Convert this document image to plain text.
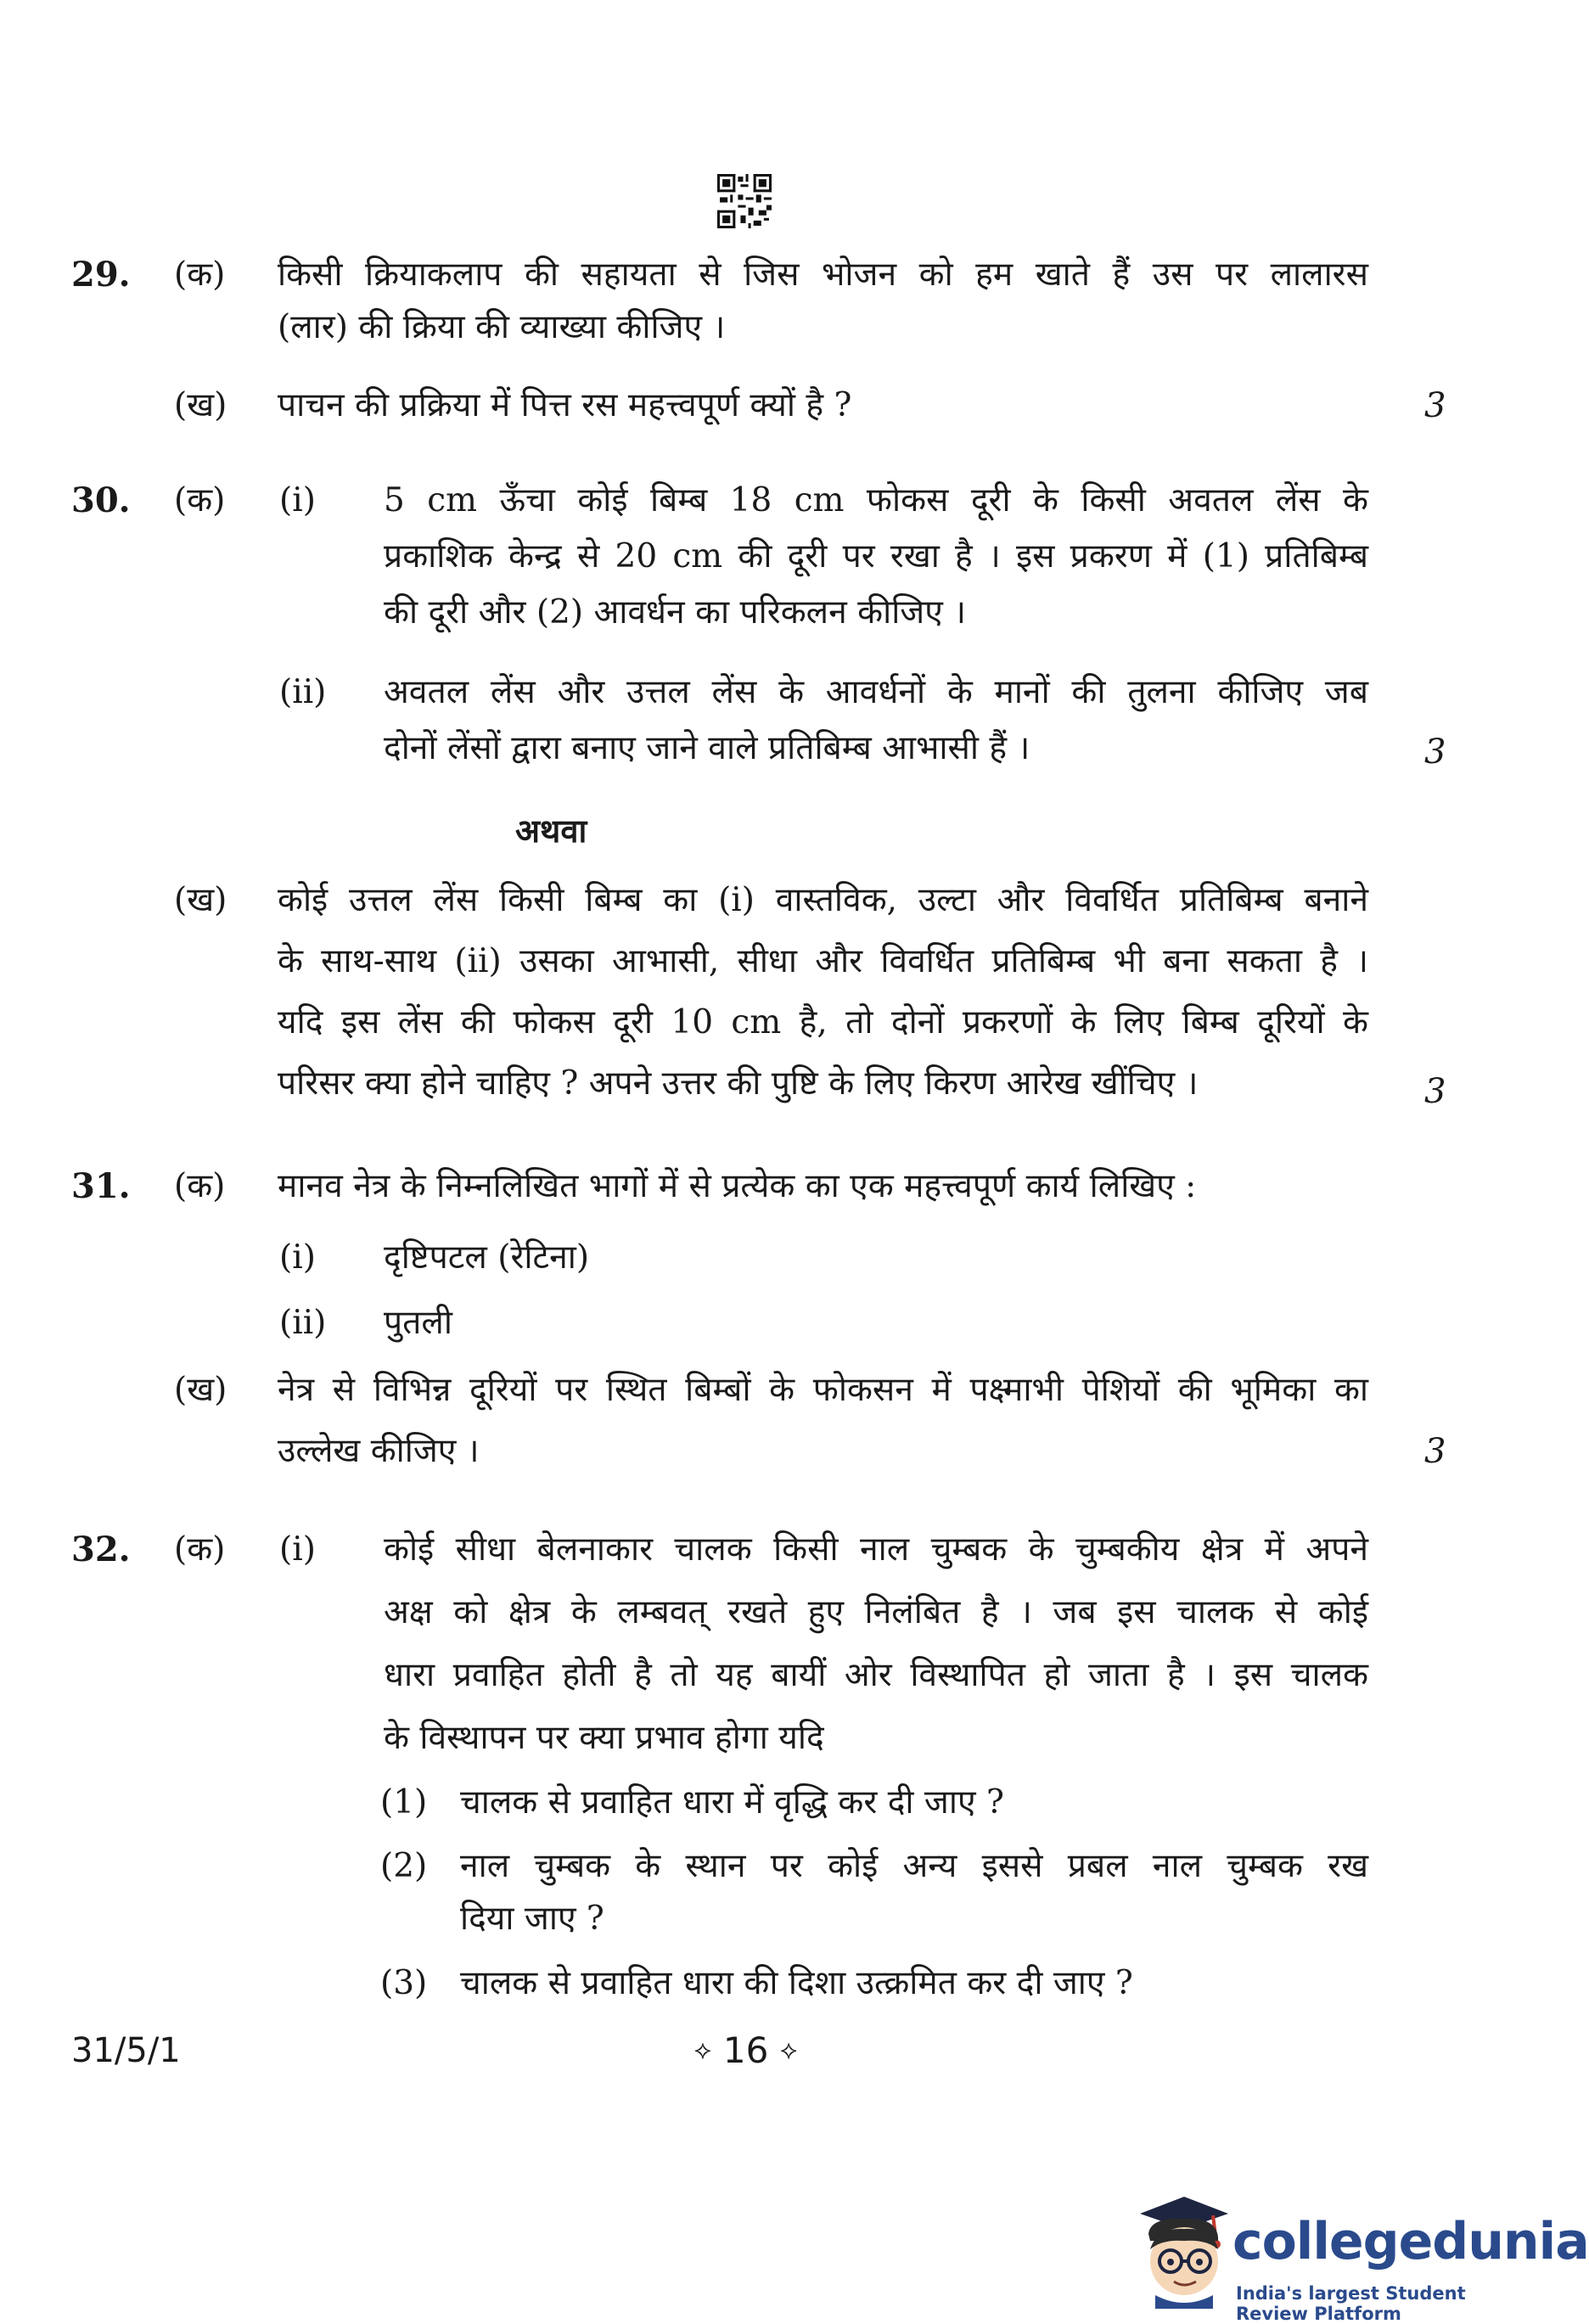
29. (क) किसी क्रियाकलाप की सहायता से जिस भोजन को हम खाते हैं उस पर लालारस
(लार) की क्रिया की व्याख्या कीजिए ।
(ख) पाचन की प्रक्रिया में पित्त रस महत्त्वपूर्ण क्यों है ?	3
30. (क) (i) 5 cm ऊँचा कोई बिम्ब 18 cm फोकस दूरी के किसी अवतल लेंस के
प्रकाशिक केन्द्र से 20 cm की दूरी पर रखा है । इस प्रकरण में (1) प्रतिबिम्ब
की दूरी और (2) आवर्धन का परिकलन कीजिए ।
(ii) अवतल लेंस और उत्तल लेंस के आवर्धनों के मानों की तुलना कीजिए जब
दोनों लेंसों द्वारा बनाए जाने वाले प्रतिबिम्ब आभासी हैं ।	3
अथवा
(ख) कोई उत्तल लेंस किसी बिम्ब का (i) वास्तविक, उल्टा और विवर्धित प्रतिबिम्ब बनाने
के साथ-साथ (ii) उसका आभासी, सीधा और विवर्धित प्रतिबिम्ब भी बना सकता है ।
यदि इस लेंस की फोकस दूरी 10 cm है, तो दोनों प्रकरणों के लिए बिम्ब दूरियों के
परिसर क्या होने चाहिए ? अपने उत्तर की पुष्टि के लिए किरण आरेख खींचिए ।	3
31. (क) मानव नेत्र के निम्नलिखित भागों में से प्रत्येक का एक महत्त्वपूर्ण कार्य लिखिए :
(i) दृष्टिपटल (रेटिना)
(ii) पुतली
(ख) नेत्र से विभिन्न दूरियों पर स्थित बिम्बों के फोकसन में पक्ष्माभी पेशियों की भूमिका का
उल्लेख कीजिए ।	3
32. (क) (i) कोई सीधा बेलनाकार चालक किसी नाल चुम्बक के चुम्बकीय क्षेत्र में अपने
अक्ष को क्षेत्र के लम्बवत् रखते हुए निलंबित है । जब इस चालक से कोई
धारा प्रवाहित होती है तो यह बायीं ओर विस्थापित हो जाता है । इस चालक
के विस्थापन पर क्या प्रभाव होगा यदि
(1) चालक से प्रवाहित धारा में वृद्धि कर दी जाए ?
(2) नाल चुम्बक के स्थान पर कोई अन्य इससे प्रबल नाल चुम्बक रख
दिया जाए ?
(3) चालक से प्रवाहित धारा की दिशा उत्क्रमित कर दी जाए ?
31/5/1	⟡ 16 ⟡
collegedunia
India's largest Student Review Platform
